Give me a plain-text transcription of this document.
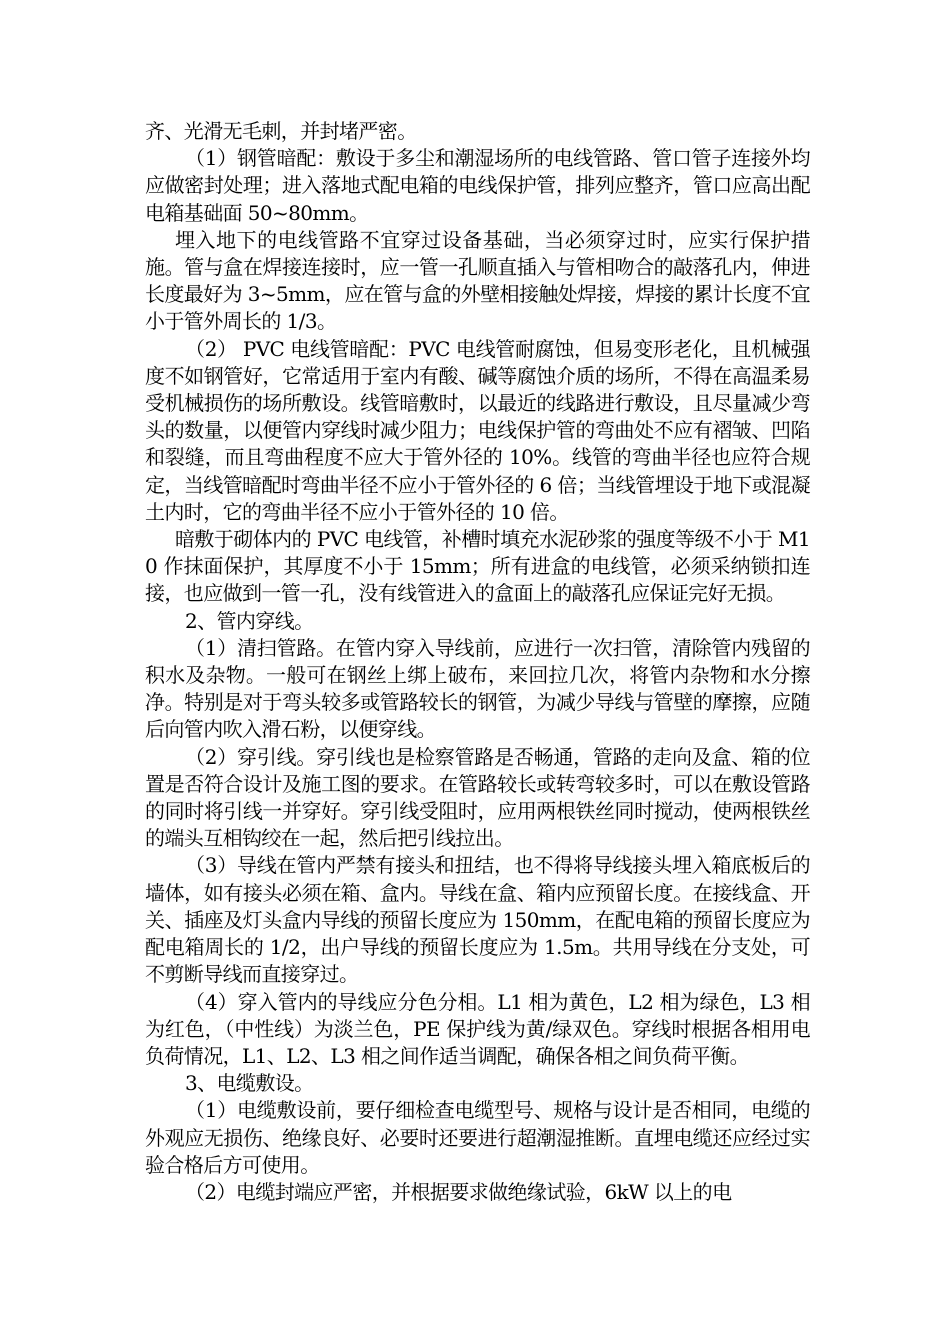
齐、光滑无毛刺，并封堵严密。

（1）钢管暗配：敷设于多尘和潮湿场所的电线管路、管口管子连接外均应做密封处理；进入落地式配电箱的电线保护管，排列应整齐，管口应高出配电箱基础面 50~80mm。

埋入地下的电线管路不宜穿过设备基础，当必须穿过时，应实行保护措施。管与盒在焊接连接时，应一管一孔顺直插入与管相吻合的敲落孔内，伸进长度最好为 3~5mm，应在管与盒的外壁相接触处焊接，焊接的累计长度不宜小于管外周长的 1/3。

（2） PVC 电线管暗配：PVC 电线管耐腐蚀，但易变形老化，且机械强度不如钢管好，它常适用于室内有酸、碱等腐蚀介质的场所，不得在高温柔易受机械损伤的场所敷设。线管暗敷时，以最近的线路进行敷设，且尽量减少弯头的数量，以便管内穿线时减少阻力；电线保护管的弯曲处不应有褶皱、凹陷和裂缝，而且弯曲程度不应大于管外径的 10%。线管的弯曲半径也应符合规定，当线管暗配时弯曲半径不应小于管外径的 6 倍；当线管埋设于地下或混凝土内时，它的弯曲半径不应小于管外径的 10 倍。

暗敷于砌体内的 PVC 电线管，补槽时填充水泥砂浆的强度等级不小于 M10 作抹面保护，其厚度不小于 15mm；所有进盒的电线管，必须采纳锁扣连接，也应做到一管一孔，没有线管进入的盒面上的敲落孔应保证完好无损。

2、管内穿线。

（1）清扫管路。在管内穿入导线前，应进行一次扫管，清除管内残留的积水及杂物。一般可在钢丝上绑上破布，来回拉几次，将管内杂物和水分擦净。特别是对于弯头较多或管路较长的钢管，为减少导线与管壁的摩擦，应随后向管内吹入滑石粉，以便穿线。

（2）穿引线。穿引线也是检察管路是否畅通，管路的走向及盒、箱的位置是否符合设计及施工图的要求。在管路较长或转弯较多时，可以在敷设管路的同时将引线一并穿好。穿引线受阻时，应用两根铁丝同时搅动，使两根铁丝的端头互相钩绞在一起，然后把引线拉出。

（3）导线在管内严禁有接头和扭结，也不得将导线接头埋入箱底板后的墙体，如有接头必须在箱、盒内。导线在盒、箱内应预留长度。在接线盒、开关、插座及灯头盒内导线的预留长度应为 150mm，在配电箱的预留长度应为配电箱周长的 1/2，出户导线的预留长度应为 1.5m。共用导线在分支处，可不剪断导线而直接穿过。

（4）穿入管内的导线应分色分相。L1 相为黄色，L2 相为绿色，L3 相为红色，（中性线）为淡兰色，PE 保护线为黄/绿双色。穿线时根据各相用电负荷情况，L1、L2、L3 相之间作适当调配，确保各相之间负荷平衡。

3、电缆敷设。

（1）电缆敷设前，要仔细检查电缆型号、规格与设计是否相同，电缆的外观应无损伤、绝缘良好、必要时还要进行超潮湿推断。直埋电缆还应经过实验合格后方可使用。

（2）电缆封端应严密，并根据要求做绝缘试验，6kW 以上的电
